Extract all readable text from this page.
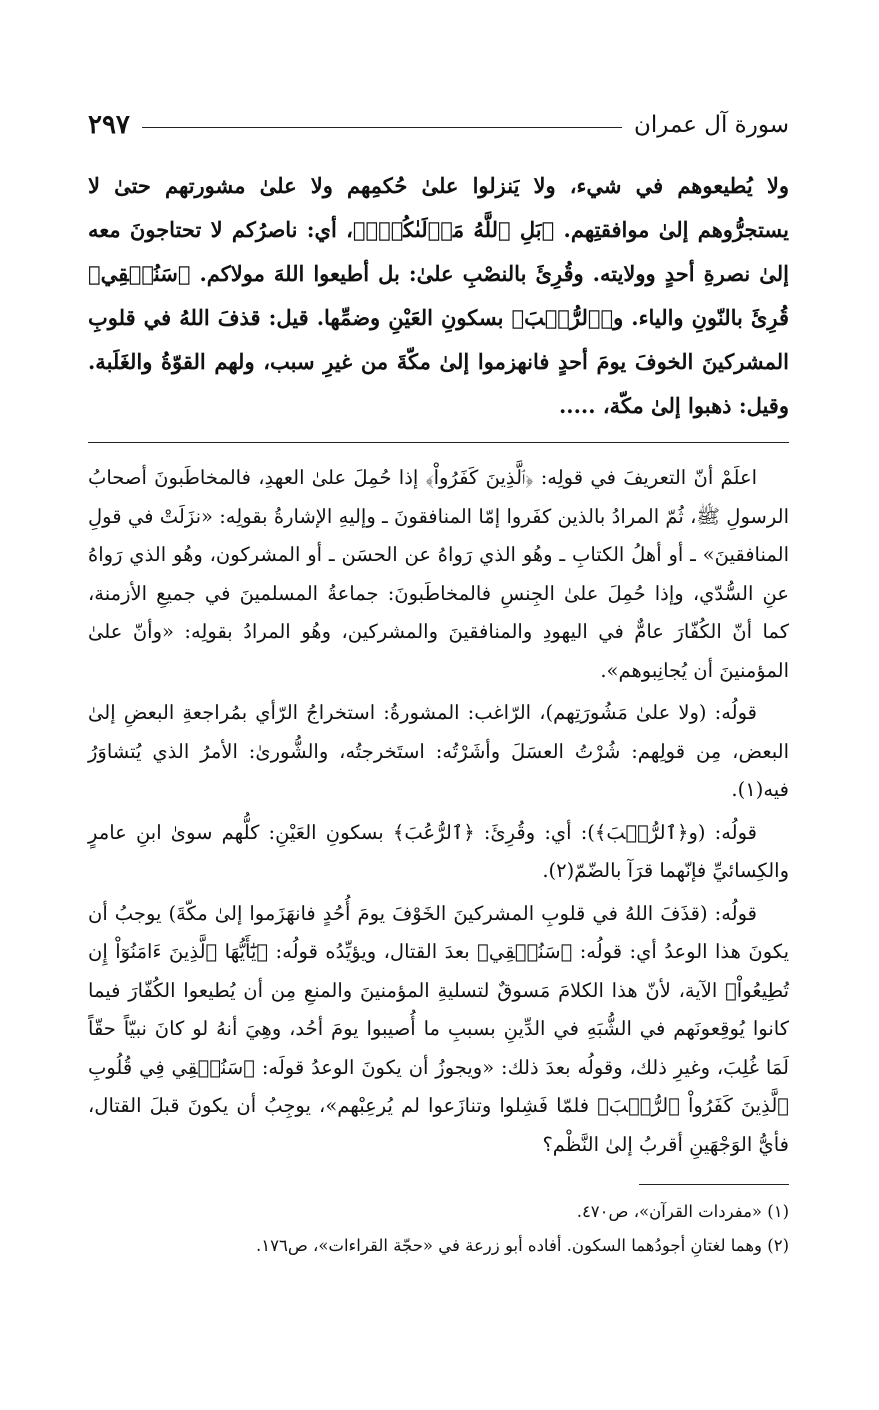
سورة آل عمران
٢٩٧

ولا يُطيعوهم في شيء، ولا يَنزلوا علىٰ حُكمِهم ولا علىٰ مشورتهم حتىٰ لا يستجرُّوهم إلىٰ موافقتِهم. ﴿بَلِ ٱللَّهُ مَوۡلَىٰكُمۡۖ﴾، أي: ناصرُكم لا تحتاجونَ معه إلىٰ نصرةِ أحدٍ وولايته. وقُرِئَ بالنصْبِ علىٰ: بل أطيعوا اللهَ مولاكم. ﴿سَنُلۡقِي﴾ قُرِئَ بالنّونِ والياء. و﴿ٱلرُّعۡبَ﴾ بسكونِ العَيْنِ وضمِّها. قيل: قذفَ اللهُ في قلوبِ المشركينَ الخوفَ يومَ أحدٍ فانهزموا إلىٰ مكّةَ من غيرِ سبب، ولهم القوّةُ والغَلَبة. وقيل: ذهبوا إلىٰ مكّة، .....

اعلَمْ أنّ التعريفَ في قولِه: ﴿ٱلَّذِينَ كَفَرُواْ﴾ إذا حُمِلَ علىٰ العهدِ، فالمخاطَبونَ أصحابُ الرسولِ ﷺ، ثُمّ المرادُ بالذين كفَروا إمّا المنافقونَ ـ وإليهِ الإشارةُ بقولِه: «نزَلَتْ في قولِ المنافقينَ» ـ أو أهلُ الكتابِ ـ وهُو الذي رَواهُ عن الحسَن ـ أو المشركون، وهُو الذي رَواهُ عنِ السُّدّي، وإذا حُمِلَ علىٰ الجِنسِ فالمخاطَبونَ: جماعةُ المسلمينَ في جميعِ الأزمنة، كما أنّ الكُفّارَ عامٌّ في اليهودِ والمنافقينَ والمشركين، وهُو المرادُ بقولِه: «وأنّ علىٰ المؤمنينَ أن يُجانِبوهم».

قولُه: (ولا علىٰ مَشُورَتِهم)، الرّاغب: المشورةُ: استخراجُ الرّأي بمُراجعةِ البعضِ إلىٰ البعض، مِن قولِهم: شُرْتُ العسَلَ وأشَرْتُه: استَخرجتُه، والشُّورىٰ: الأمرُ الذي يُتشاوَرُ فيه(١).

قولُه: (و﴿ٱلرُّعۡبَ﴾): أي: وقُرِئَ: ﴿ٱلرُّعُبَ﴾ بسكونِ العَيْنِ: كلُّهم سوىٰ ابنِ عامرٍ والكِسائيِّ فإنّهما قرَآ بالضّمّ(٢).

قولُه: (قذَفَ اللهُ في قلوبِ المشركينَ الخَوْفَ يومَ أُحُدٍ فانهَزَموا إلىٰ مكّةَ) يوجبُ أن يكونَ هذا الوعدُ أي: قولُه: ﴿سَنُلۡقِي﴾ بعدَ القتال، ويؤيِّدُه قولُه: ﴿يَٰٓأَيُّهَا ٱلَّذِينَ ءَامَنُوٓاْ إِن تُطِيعُواْ﴾ الآية، لأنّ هذا الكلامَ مَسوقٌ لتسليةِ المؤمنينَ والمنعِ مِن أن يُطيعوا الكُفّارَ فيما كانوا يُوقِعونَهم في الشُّبَهِ في الدِّينِ بسببِ ما أُصيبوا يومَ أحُد، وهِيَ أنهُ لو كانَ نبيّاً حقّاً لَمَا غُلِبَ، وغيرِ ذلك، وقولُه بعدَ ذلك: «ويجوزُ أن يكونَ الوعدُ قولَه: ﴿سَنُلۡقِي فِي قُلُوبِ ٱلَّذِينَ كَفَرُواْ ٱلرُّعۡبَ﴾ فلمّا فَشِلوا وتنازَعوا لم يُرعِبْهم»، يوجِبُ أن يكونَ قبلَ القتال، فأيُّ الوَجْهَينِ أقربُ إلىٰ النَّظْم؟

(١) «مفردات القرآن»، ص٤٧٠.

(٢) وهما لغتانِ أجودُهما السكون. أفاده أبو زرعة في «حجّة القراءات»، ص١٧٦.
